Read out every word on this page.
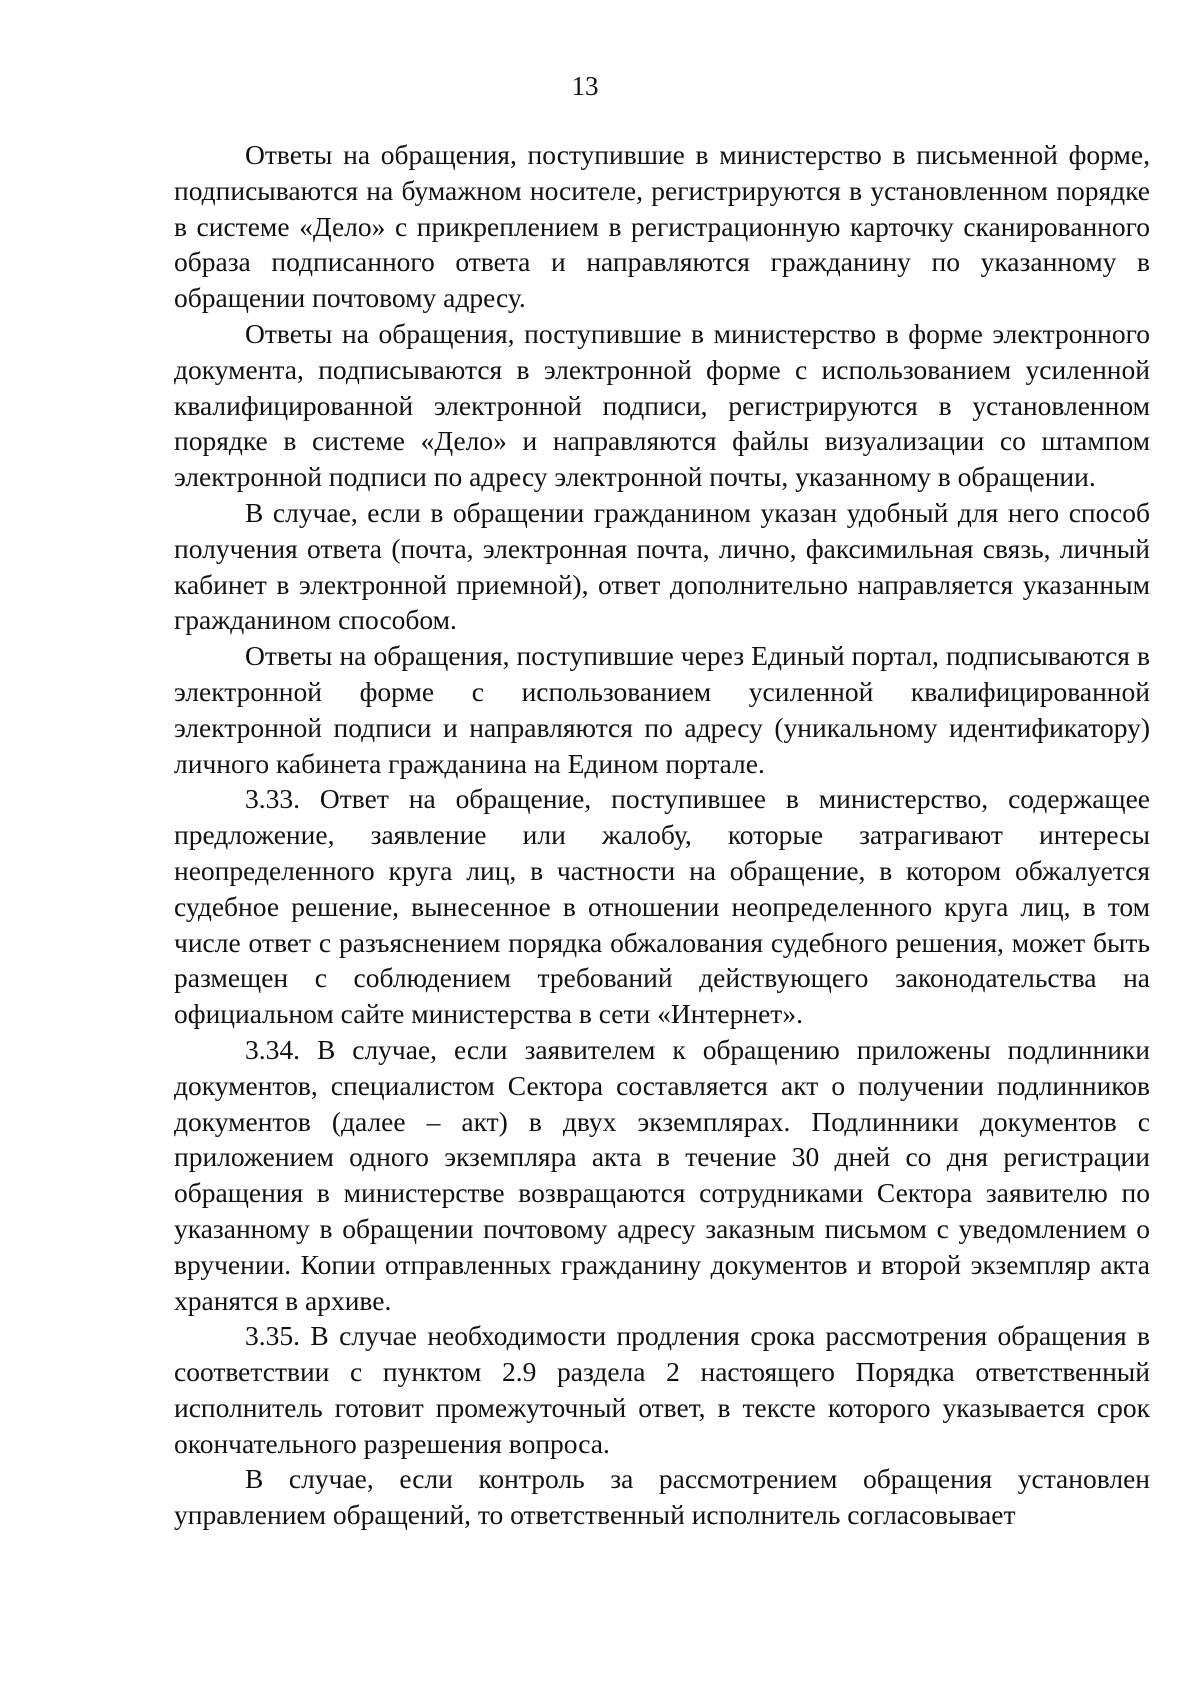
13

Ответы на обращения, поступившие в министерство в письменной форме, подписываются на бумажном носителе, регистрируются в установленном порядке в системе «Дело» с прикреплением в регистрационную карточку сканированного образа подписанного ответа и направляются гражданину по указанному в обращении почтовому адресу.

Ответы на обращения, поступившие в министерство в форме электронного документа, подписываются в электронной форме с использованием усиленной квалифицированной электронной подписи, регистрируются в установленном порядке в системе «Дело» и направляются файлы визуализации со штампом электронной подписи по адресу электронной почты, указанному в обращении.

В случае, если в обращении гражданином указан удобный для него способ получения ответа (почта, электронная почта, лично, факсимильная связь, личный кабинет в электронной приемной), ответ дополнительно направляется указанным гражданином способом.

Ответы на обращения, поступившие через Единый портал, подписываются в электронной форме с использованием усиленной квалифицированной электронной подписи и направляются по адресу (уникальному идентификатору) личного кабинета гражданина на Едином портале.

3.33. Ответ на обращение, поступившее в министерство, содержащее предложение, заявление или жалобу, которые затрагивают интересы неопределенного круга лиц, в частности на обращение, в котором обжалуется судебное решение, вынесенное в отношении неопределенного круга лиц, в том числе ответ с разъяснением порядка обжалования судебного решения, может быть размещен с соблюдением требований действующего законодательства на официальном сайте министерства в сети «Интернет».

3.34. В случае, если заявителем к обращению приложены подлинники документов, специалистом Сектора составляется акт о получении подлинников документов (далее – акт) в двух экземплярах. Подлинники документов с приложением одного экземпляра акта в течение 30 дней со дня регистрации обращения в министерстве возвращаются сотрудниками Сектора заявителю по указанному в обращении почтовому адресу заказным письмом с уведомлением о вручении. Копии отправленных гражданину документов и второй экземпляр акта хранятся в архиве.

3.35. В случае необходимости продления срока рассмотрения обращения в соответствии с пунктом 2.9 раздела 2 настоящего Порядка ответственный исполнитель готовит промежуточный ответ, в тексте которого указывается срок окончательного разрешения вопроса.

В случае, если контроль за рассмотрением обращения установлен управлением обращений, то ответственный исполнитель согласовывает
